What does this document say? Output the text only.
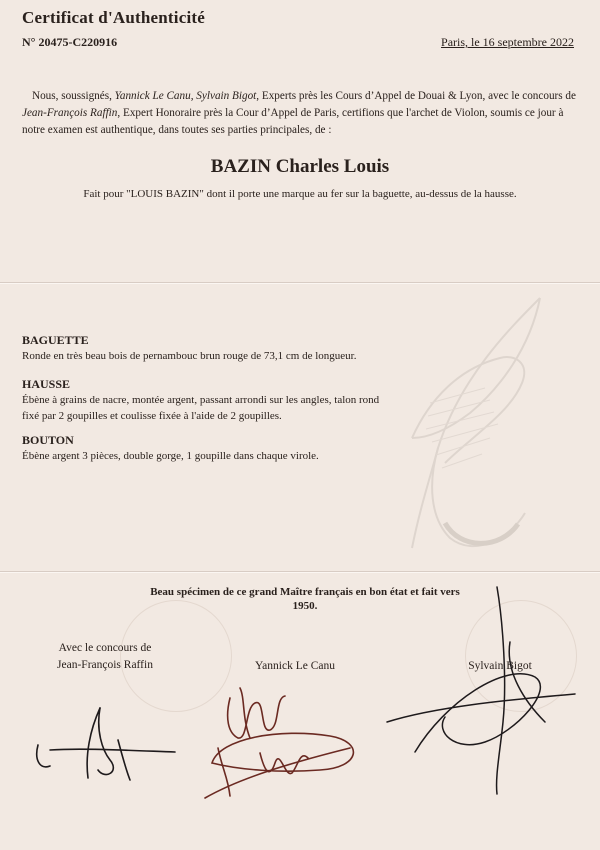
Certificat d'Authenticité
N° 20475-C220916	Paris, le 16 septembre 2022
Nous, soussignés, Yannick Le Canu, Sylvain Bigot, Experts près les Cours d’Appel de Douai & Lyon, avec le concours de Jean-François Raffin, Expert Honoraire près la Cour d’Appel de Paris, certifions que l'archet de Violon, soumis ce jour à notre examen est authentique, dans toutes ses parties principales, de :
BAZIN Charles Louis
Fait pour "LOUIS BAZIN" dont il porte une marque au fer sur la baguette, au-dessus de la hausse.
BAGUETTE
Ronde en très beau bois de pernambouc brun rouge de 73,1 cm de longueur.
HAUSSE
Ébène à grains de nacre, montée argent, passant arrondi sur les angles, talon rond fixé par 2 goupilles et coulisse fixée à l'aide de 2 goupilles.
BOUTON
Ébène argent 3 pièces, double gorge, 1 goupille dans chaque virole.
Beau spécimen de ce grand Maître français en bon état et fait vers
1950.
Avec le concours de
Jean-François Raffin	Yannick Le Canu	Sylvain Bigot
